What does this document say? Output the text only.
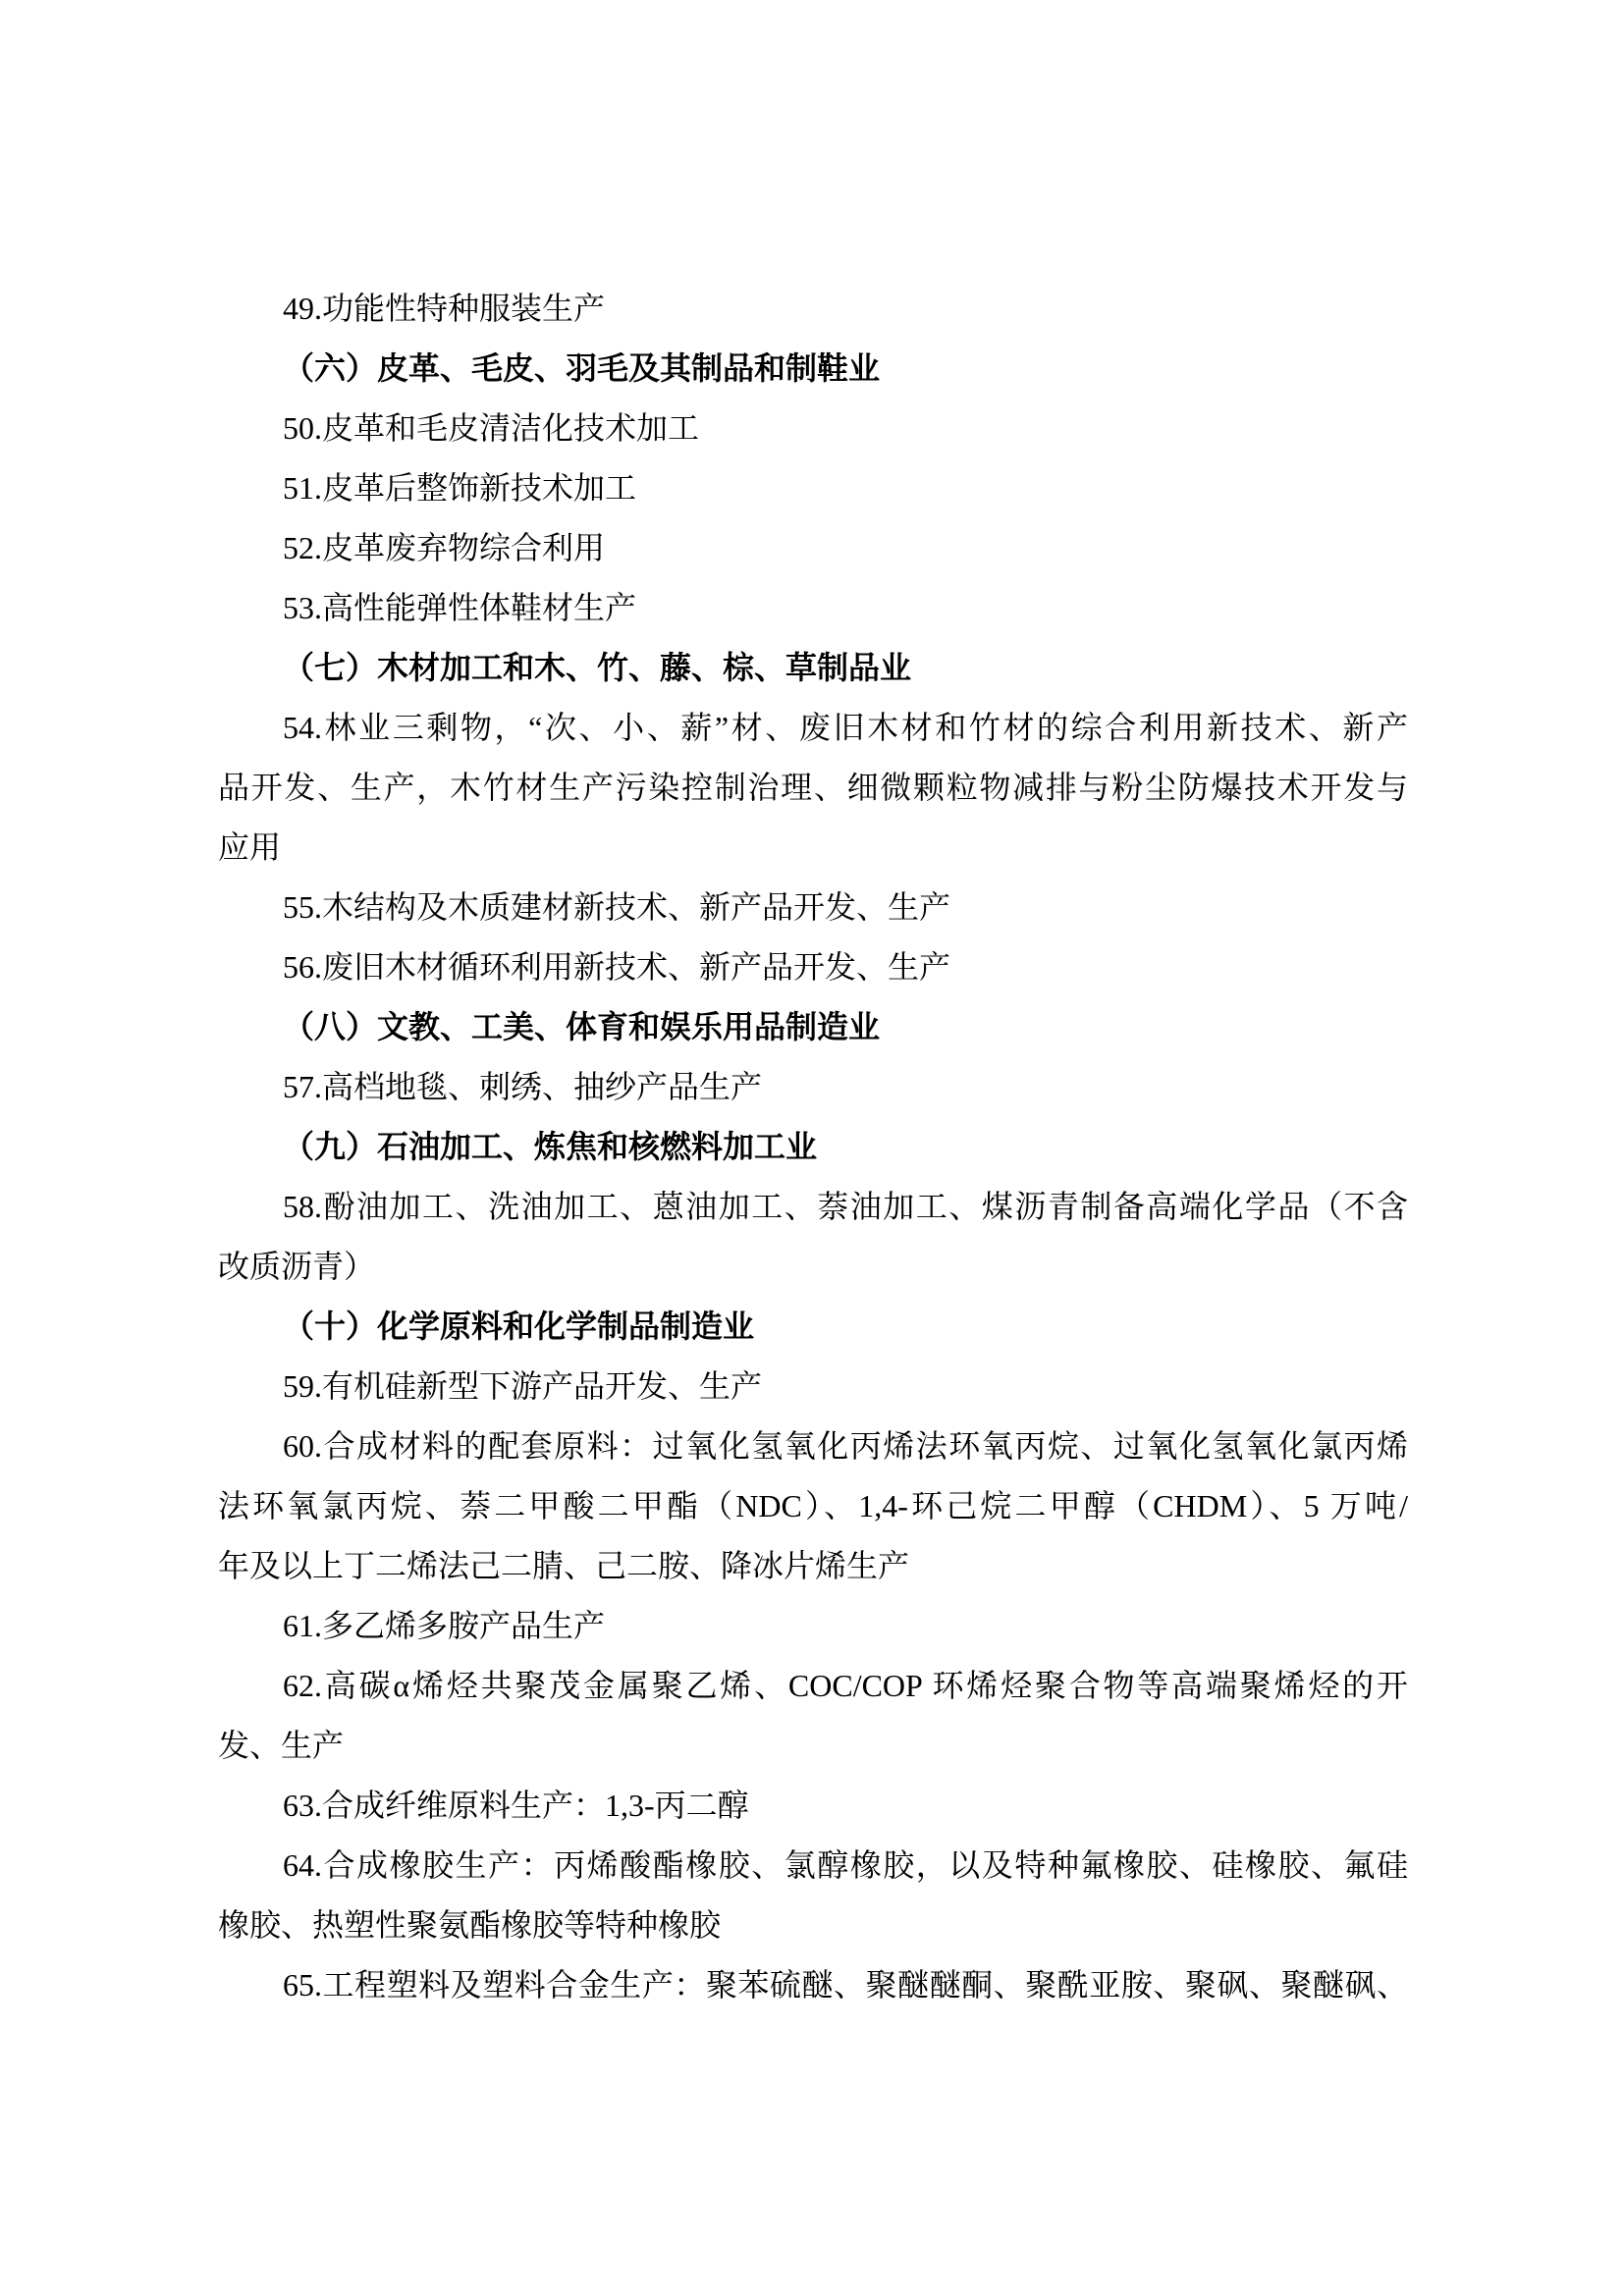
49.功能性特种服装生产

（六）皮革、毛皮、羽毛及其制品和制鞋业

50.皮革和毛皮清洁化技术加工

51.皮革后整饰新技术加工

52.皮革废弃物综合利用

53.高性能弹性体鞋材生产

（七）木材加工和木、竹、藤、棕、草制品业

54.林业三剩物，“次、小、薪”材、废旧木材和竹材的综合利用新技术、新产

品开发、生产，木竹材生产污染控制治理、细微颗粒物减排与粉尘防爆技术开发与

应用

55.木结构及木质建材新技术、新产品开发、生产

56.废旧木材循环利用新技术、新产品开发、生产

（八）文教、工美、体育和娱乐用品制造业

57.高档地毯、刺绣、抽纱产品生产

（九）石油加工、炼焦和核燃料加工业

58.酚油加工、洗油加工、蒽油加工、萘油加工、煤沥青制备高端化学品（不含

改质沥青）

（十）化学原料和化学制品制造业

59.有机硅新型下游产品开发、生产

60.合成材料的配套原料：过氧化氢氧化丙烯法环氧丙烷、过氧化氢氧化氯丙烯

法环氧氯丙烷、萘二甲酸二甲酯（NDC）、1,4-环己烷二甲醇（CHDM）、5 万吨/

年及以上丁二烯法己二腈、己二胺、降冰片烯生产

61.多乙烯多胺产品生产

62.高碳α烯烃共聚茂金属聚乙烯、COC/COP 环烯烃聚合物等高端聚烯烃的开

发、生产

63.合成纤维原料生产：1,3-丙二醇

64.合成橡胶生产：丙烯酸酯橡胶、氯醇橡胶，以及特种氟橡胶、硅橡胶、氟硅

橡胶、热塑性聚氨酯橡胶等特种橡胶

65.工程塑料及塑料合金生产：聚苯硫醚、聚醚醚酮、聚酰亚胺、聚砜、聚醚砜、
